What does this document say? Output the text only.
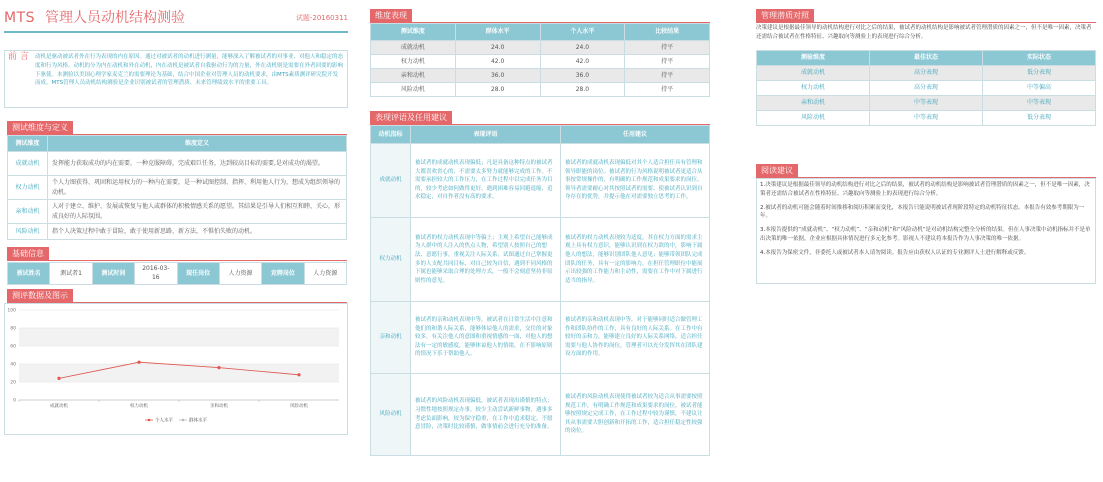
MTS 管理人员动机结构测验	试题-20160311
前 言 动机是驱动被试者外在行为表现的内在原因。通过对被试者的动机进行测量，能够深入了解被试者的对事业、对他人和稳定的态度和行为风格。动机的分为内在动机和外在动机，内在动机是被试者自我驱动行为的力量，外在动机则是需要在外者回要的影响下驱使。本测验以美国心理学家麦克兰的需要理论为基础，结合中国企业对管理人员的动机要求，由MTS素质测评研究院开发而成。MTS管理人员动机结构测验是企业识别被试者的管理潜质、未来管理绩效水平的重要工具。
测试维度与定义
测试维度	维度定义
成就动机	发挥能力获取成功的内在需要，一种克服障碍，完成艰巨任务，达到较高目标的需要,是对成功的渴望。
权力动机	个人力图获得、巩固和运用权力的一种内在需要，是一种试图控制、指挥、利用他人行为，想成为组织领导的动机。
亲和动机	人对于建立、维护、发展或恢复与他人或群体的积极情感关系的愿望。其结果是引导人们相互和睦、关心，形成良好的人际氛围。
风险动机	指个人决策过程中敢于冒险，敢于使用新思路、新方法，不惧怕失败的动机。
基础信息
被试姓名	测试者1	测试时间	2016-03-16	现任岗位	人力资源	竞聘岗位	人力资源
测评数据及图示
0
20
40
60
80
100
成就动机	权力动机	亲和动机	风险动机
个人水平	群体水平
维度表现
测试维度	群体水平	个人水平	比较结果
成就动机	24.0	24.0	持平
权力动机	42.0	42.0	持平
亲和动机	36.0	36.0	持平
风险动机	28.0	28.0	持平
表现评语及任用建议
动机指标	表现评语	任用建议
成就动机	被试者的成就动机表现偏低；凡是具备这种特点的被试者大都喜欢省心的、不需要太多努力就能够完成的工作。不需要承担较大的工作压力，在工作过程中以完成任务为目的，较少考虑如何做得更好，遇到困难容易回避退缩，追求稳定，对自作者没有高的要求。	被试者的成就动机表现偏低对其个人适合担任具有管理和领导职能的岗位。被试者的行为风格说明被试者更适合从事按常规操作的、有明确的工作规范和成果要求的岗位。领导者需要耐心对其按照试者的需要、使被试者认识到自身存在的优势，并提示他在对需要独立思考的工作。
权力动机	被试者的权力动机表现中等偏上；主观上希望自己能够成为人群中的人注入的焦点人物，希望别人按照自己的想法、意愿行事，重视关注人际关系，试图通过自己掌握更多的人支配共同目标，对自己较为自信，遇到不同风格的下属也能够采取合理的处理方式，一般不会刻意坚持非原则性的意见。	被试者的权力动机表现较为适度。其在权力方面的需求主观上具有权力意识，能够认识到在权力欲的中，影响下属他人的想法，能够识别团队他人意见；能够带领团队完成团队的任务，具有一定的影响力，在担任管理职位中能展示出较强的工作能力和主动性，需要在工作中对下属进行适当的指导。
亲和动机	被试者的亲和动机表现中等，被试者在日常生活中注意和他们的和谐人际关系，能够体谅他人的需求，交往的对象较多，有关注他人的意图和重视情感的一面，对他人的想法有一定的敏感度，能够体谅他人的情绪，在不影响原则的情况下乐于帮助他人。	被试者的亲和动机表现中等，对于能够同时适合做管理工作和团队协作的工作，具有良好的人际关系。在工作中有较好的亲和力，能够建立良好的人际关系网络，适合担任需要与他人协作的岗位，管理者可以充分发挥其在团队建设方面的作用。
风险动机	被试者的风险动机表现偏低，被试者表现出谨慎的特点；习惯性地按照规定办事，较少主动尝试新鲜事物，遇事多考虑负面影响，较为保守稳重，在工作中追求稳定，不愿意冒险，决策时比较谨慎，做事情前会进行充分的准备。	被试者的风险动机表现使得被试者较为适合从事需要按照规范工作，有明确工作规范和成果要求的岗位，被试者能够按照规定完成工作，在工作过程中较为谨慎，不建议让其从事需要大胆创新和开拓的工作，适合担任稳定性较强的岗位。
管理潜质对照
决策建议是根据最佳领导的动机结构进行对比之后的结果，被试者的动机结构是影响被试者管理潜质的因素之一，但不是唯一因素，决策者还需结合被试者在性格特征、兴趣取向等测验上的表现进行综合分析。
测验维度	最佳状态	实际状态
成就动机	高分表现	低分表现
权力动机	高分表现	中等偏高
亲和动机	中等表现	中等表现
风险动机	中等表现	低分表现
阅读建议

1.决策建议是根据最佳领导的动机结构进行对比之后的结果，被试者的动机结构是影响被试者管理潜质的因素之一，但不是唯一因素，决策者还需结合被试者在性格特征、兴趣取向等测验上的表现进行综合分析。

2.被试者的动机可能会随着时间推移和阅历积累而变化，本报告只能说明被试者现阶段特定的动机特征状态。本报告有效参考期限为一年。

3.本报告提供的“成就动机”、“权力动机”、“亲和动机”和“风险动机”是对动机结构完整全分析的结果。但在人事决策中动机指标并不是单出决策的唯一依据，企业应根据具体情况进行多元化参考。影视人不建议将本报告作为人事决策的唯一依据。

4.本报告为保密文件，非委托人或被试者本人请勿阅读。报告应由获权人认证的专业测评人士进行解释或反馈。
